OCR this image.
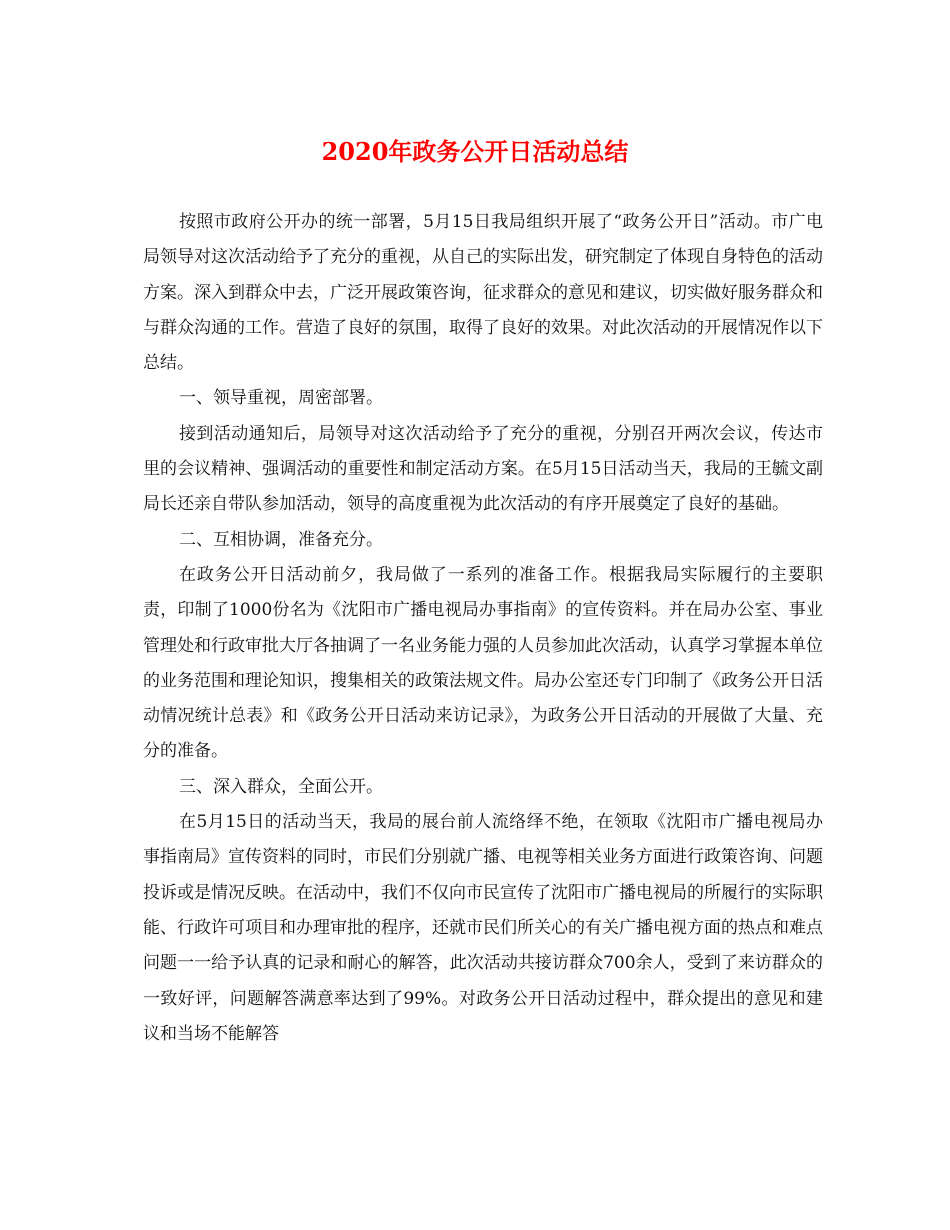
2020年政务公开日活动总结

按照市政府公开办的统一部署，5月15日我局组织开展了“政务公开日”活动。市广电局领导对这次活动给予了充分的重视，从自己的实际出发，研究制定了体现自身特色的活动方案。深入到群众中去，广泛开展政策咨询，征求群众的意见和建议，切实做好服务群众和与群众沟通的工作。营造了良好的氛围，取得了良好的效果。对此次活动的开展情况作以下总结。

一、领导重视，周密部署。

接到活动通知后，局领导对这次活动给予了充分的重视，分别召开两次会议，传达市里的会议精神、强调活动的重要性和制定活动方案。在5月15日活动当天，我局的王毓文副局长还亲自带队参加活动，领导的高度重视为此次活动的有序开展奠定了良好的基础。

二、互相协调，准备充分。

在政务公开日活动前夕，我局做了一系列的准备工作。根据我局实际履行的主要职责，印制了1000份名为《沈阳市广播电视局办事指南》的宣传资料。并在局办公室、事业管理处和行政审批大厅各抽调了一名业务能力强的人员参加此次活动，认真学习掌握本单位的业务范围和理论知识，搜集相关的政策法规文件。局办公室还专门印制了《政务公开日活动情况统计总表》和《政务公开日活动来访记录》，为政务公开日活动的开展做了大量、充分的准备。

三、深入群众，全面公开。

在5月15日的活动当天，我局的展台前人流络绎不绝，在领取《沈阳市广播电视局办事指南局》宣传资料的同时，市民们分别就广播、电视等相关业务方面进行政策咨询、问题投诉或是情况反映。在活动中，我们不仅向市民宣传了沈阳市广播电视局的所履行的实际职能、行政许可项目和办理审批的程序，还就市民们所关心的有关广播电视方面的热点和难点问题一一给予认真的记录和耐心的解答，此次活动共接访群众700余人，受到了来访群众的一致好评，问题解答满意率达到了99%。对政务公开日活动过程中，群众提出的意见和建议和当场不能解答
